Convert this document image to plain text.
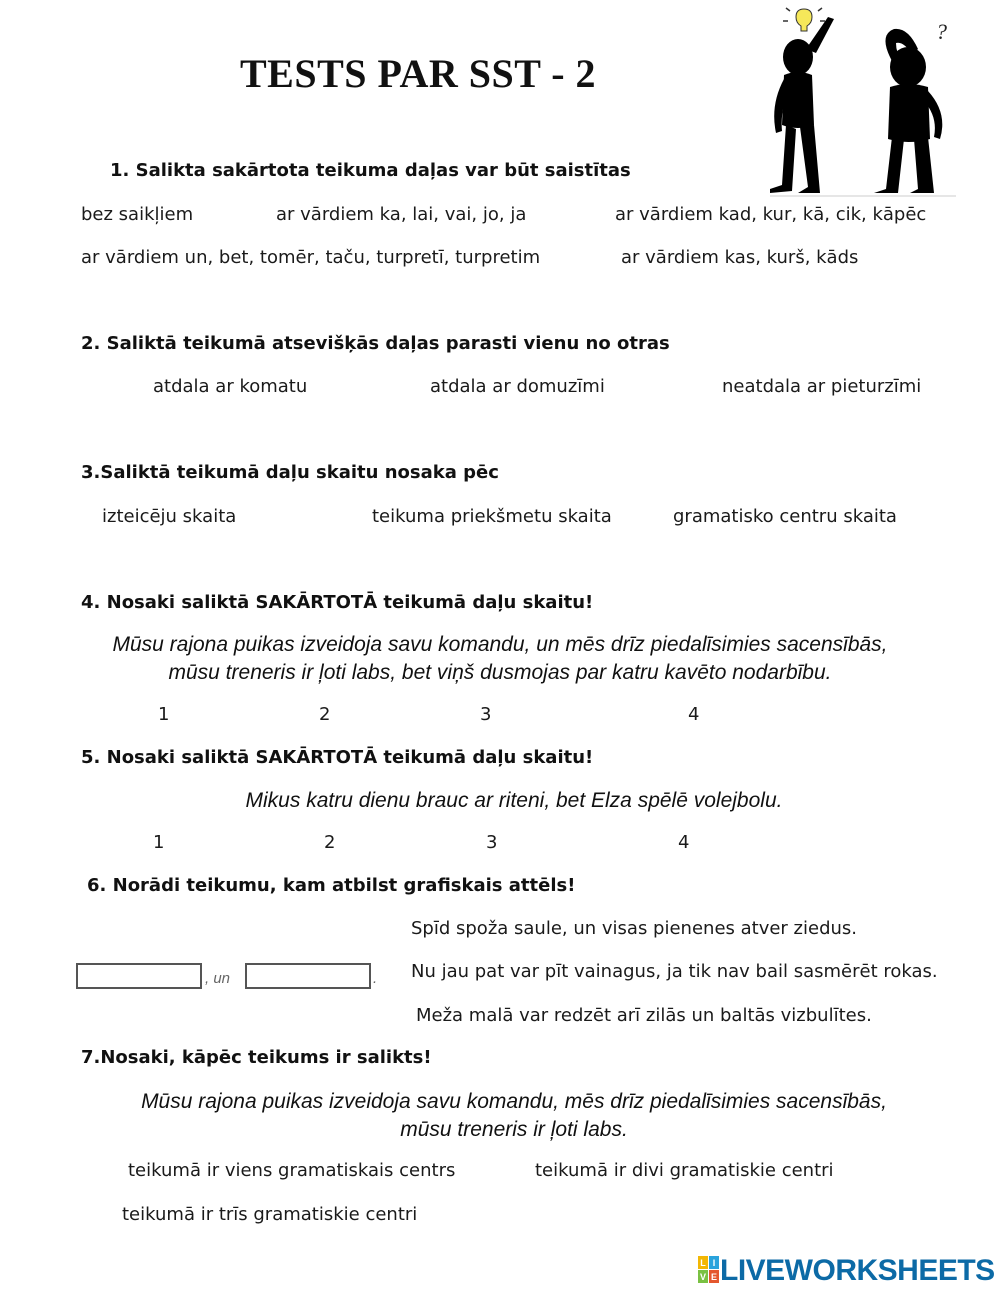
TESTS PAR SST - 2
?
1. Salikta sakārtota teikuma daļas var būt saistītas
bez saikļiem	ar vārdiem ka, lai, vai, jo, ja	ar vārdiem kad, kur, kā, cik, kāpēc
ar vārdiem un, bet, tomēr, taču, turpretī, turpretim	ar vārdiem kas, kurš, kāds
2. Saliktā teikumā atsevišķās daļas parasti vienu no otras
atdala ar komatu	atdala ar domuzīmi	neatdala ar pieturzīmi
3.Saliktā teikumā daļu skaitu nosaka pēc
izteicēju skaita	teikuma priekšmetu skaita	gramatisko centru skaita
4. Nosaki saliktā SAKĀRTOTĀ teikumā daļu skaitu!
Mūsu rajona puikas izveidoja savu komandu, un mēs drīz piedalīsimies sacensībās,
mūsu treneris ir ļoti labs, bet viņš dusmojas par katru kavēto nodarbību.
1	2	3	4
5. Nosaki saliktā SAKĀRTOTĀ teikumā daļu skaitu!
Mikus katru dienu brauc ar riteni, bet Elza spēlē volejbolu.
1	2	3	4
6. Norādi teikumu, kam atbilst grafiskais attēls!
, un	.
Spīd spoža saule, un visas pienenes atver ziedus.
Nu jau pat var pīt vainagus, ja tik nav bail sasmērēt rokas.
Meža malā var redzēt arī zilās un baltās vizbulītes.
7.Nosaki, kāpēc teikums ir salikts!
Mūsu rajona puikas izveidoja savu komandu, mēs drīz piedalīsimies sacensībās,
mūsu treneris ir ļoti labs.
teikumā ir viens gramatiskais centrs	teikumā ir divi gramatiskie centri
teikumā ir trīs gramatiskie centri
L I
V E LIVEWORKSHEETS
